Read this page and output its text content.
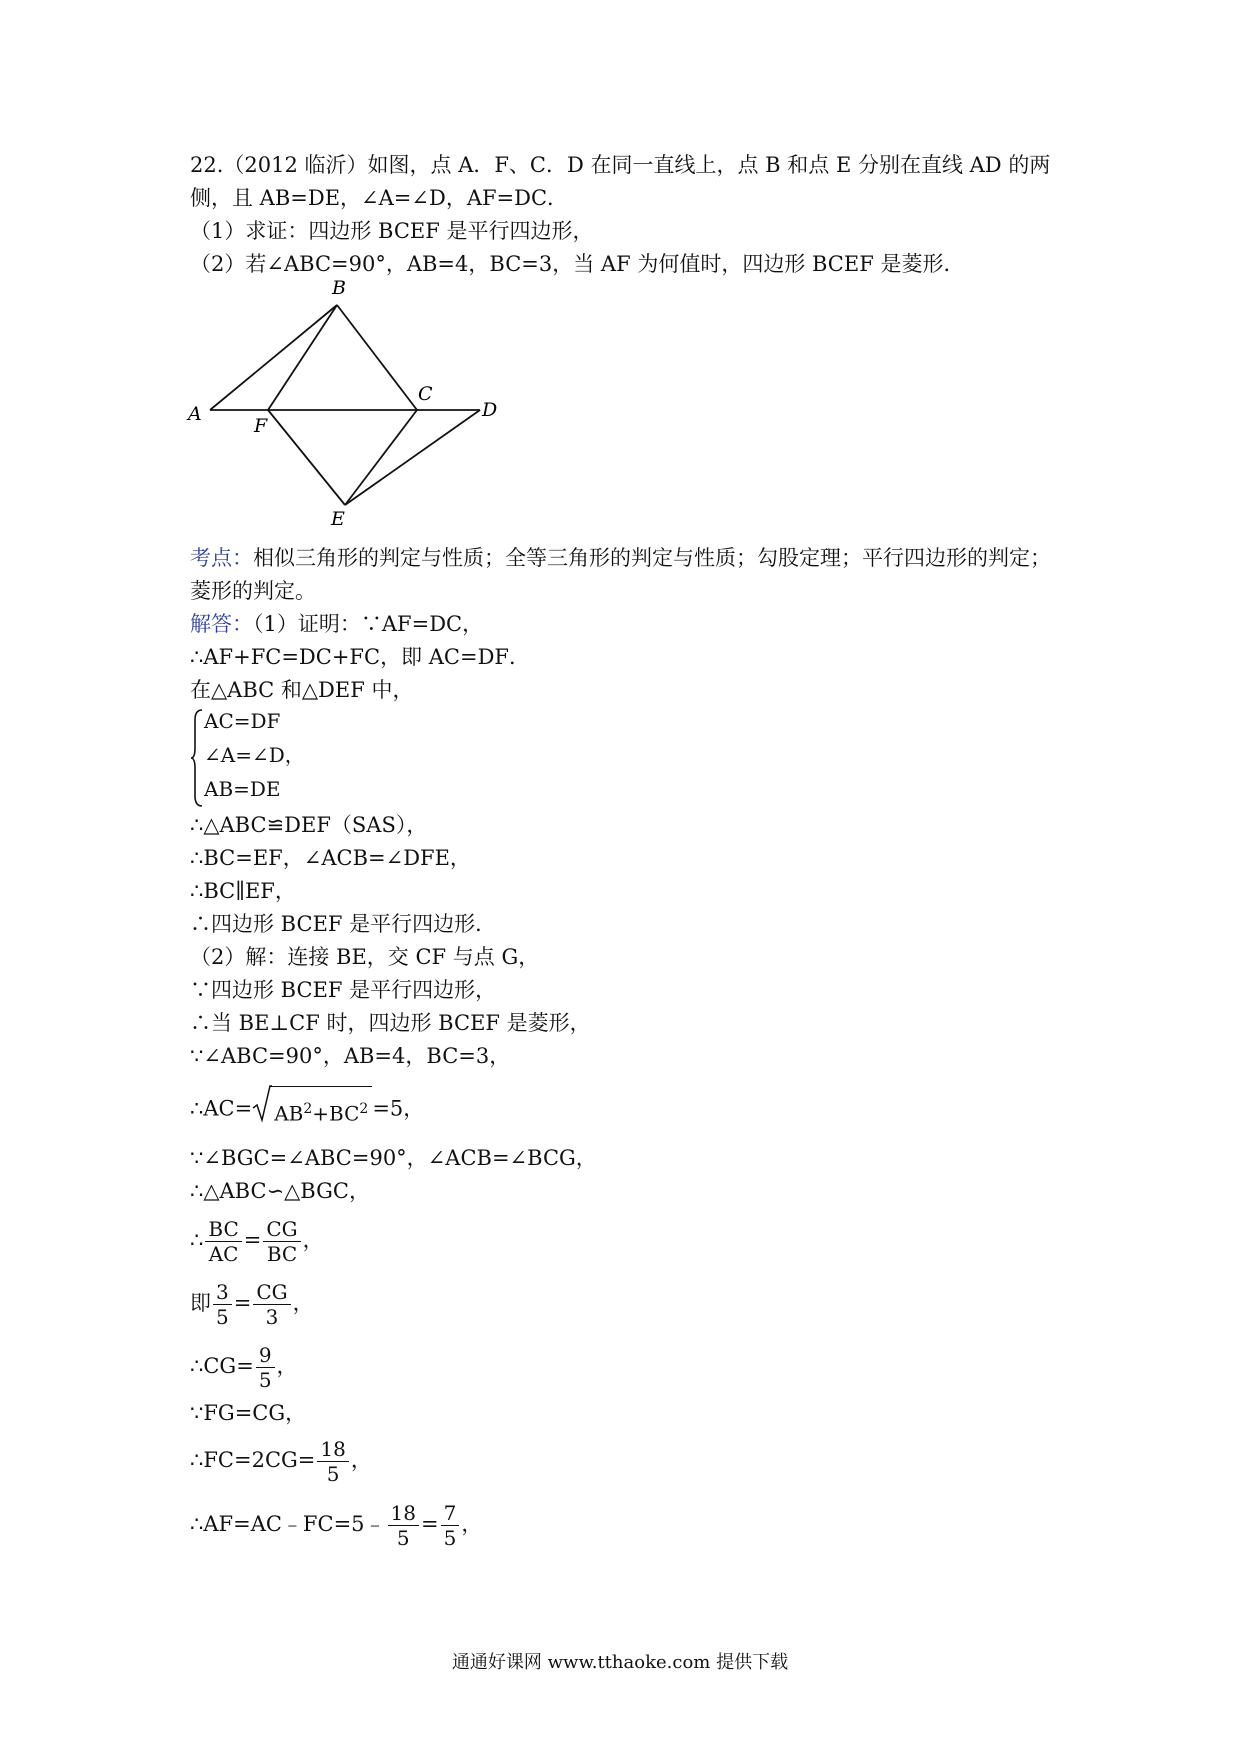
22.（2012 临沂）如图，点 A．F、C．D 在同一直线上，点 B 和点 E 分别在直线 AD 的两
侧，且 AB=DE，∠A=∠D，AF=DC．
（1）求证：四边形 BCEF 是平行四边形，
（2）若∠ABC=90°，AB=4，BC=3，当 AF 为何值时，四边形 BCEF 是菱形．
A
B
C
D
E
F
考点：相似三角形的判定与性质；全等三角形的判定与性质；勾股定理；平行四边形的判定；
菱形的判定。
解答：（1）证明：∵AF=DC，
∴AF+FC=DC+FC，即 AC=DF．
在△ABC 和△DEF 中，
AC=DF
∠A=∠D，
AB=DE
∴△ABC≌DEF（SAS），
∴BC=EF，∠ACB=∠DFE，
∴BC∥EF，
∴四边形 BCEF 是平行四边形．
（2）解：连接 BE，交 CF 与点 G，
∵四边形 BCEF 是平行四边形，
∴当 BE⊥CF 时，四边形 BCEF 是菱形，
∵∠ABC=90°，AB=4，BC=3，
∴AC= $AB^2+BC^2 =5$，
∵∠BGC=∠ABC=90°，∠ACB=∠BCG，
∴△ABC∽△BGC，
∴ $\frac{BC}{AC} = \frac{CG}{BC}$ ，
即 $\frac{3}{5} = \frac{CG}{3}$ ，
∴CG= $\frac{9}{5}$ ，
∵FG=CG，
∴FC=2CG= $\frac{18}{5}$ ，
∴AF=AC﹣FC=5﹣ $\frac{18}{5} = \frac{7}{5}$ ，
通通好课网 www.tthaoke.com 提供下载
